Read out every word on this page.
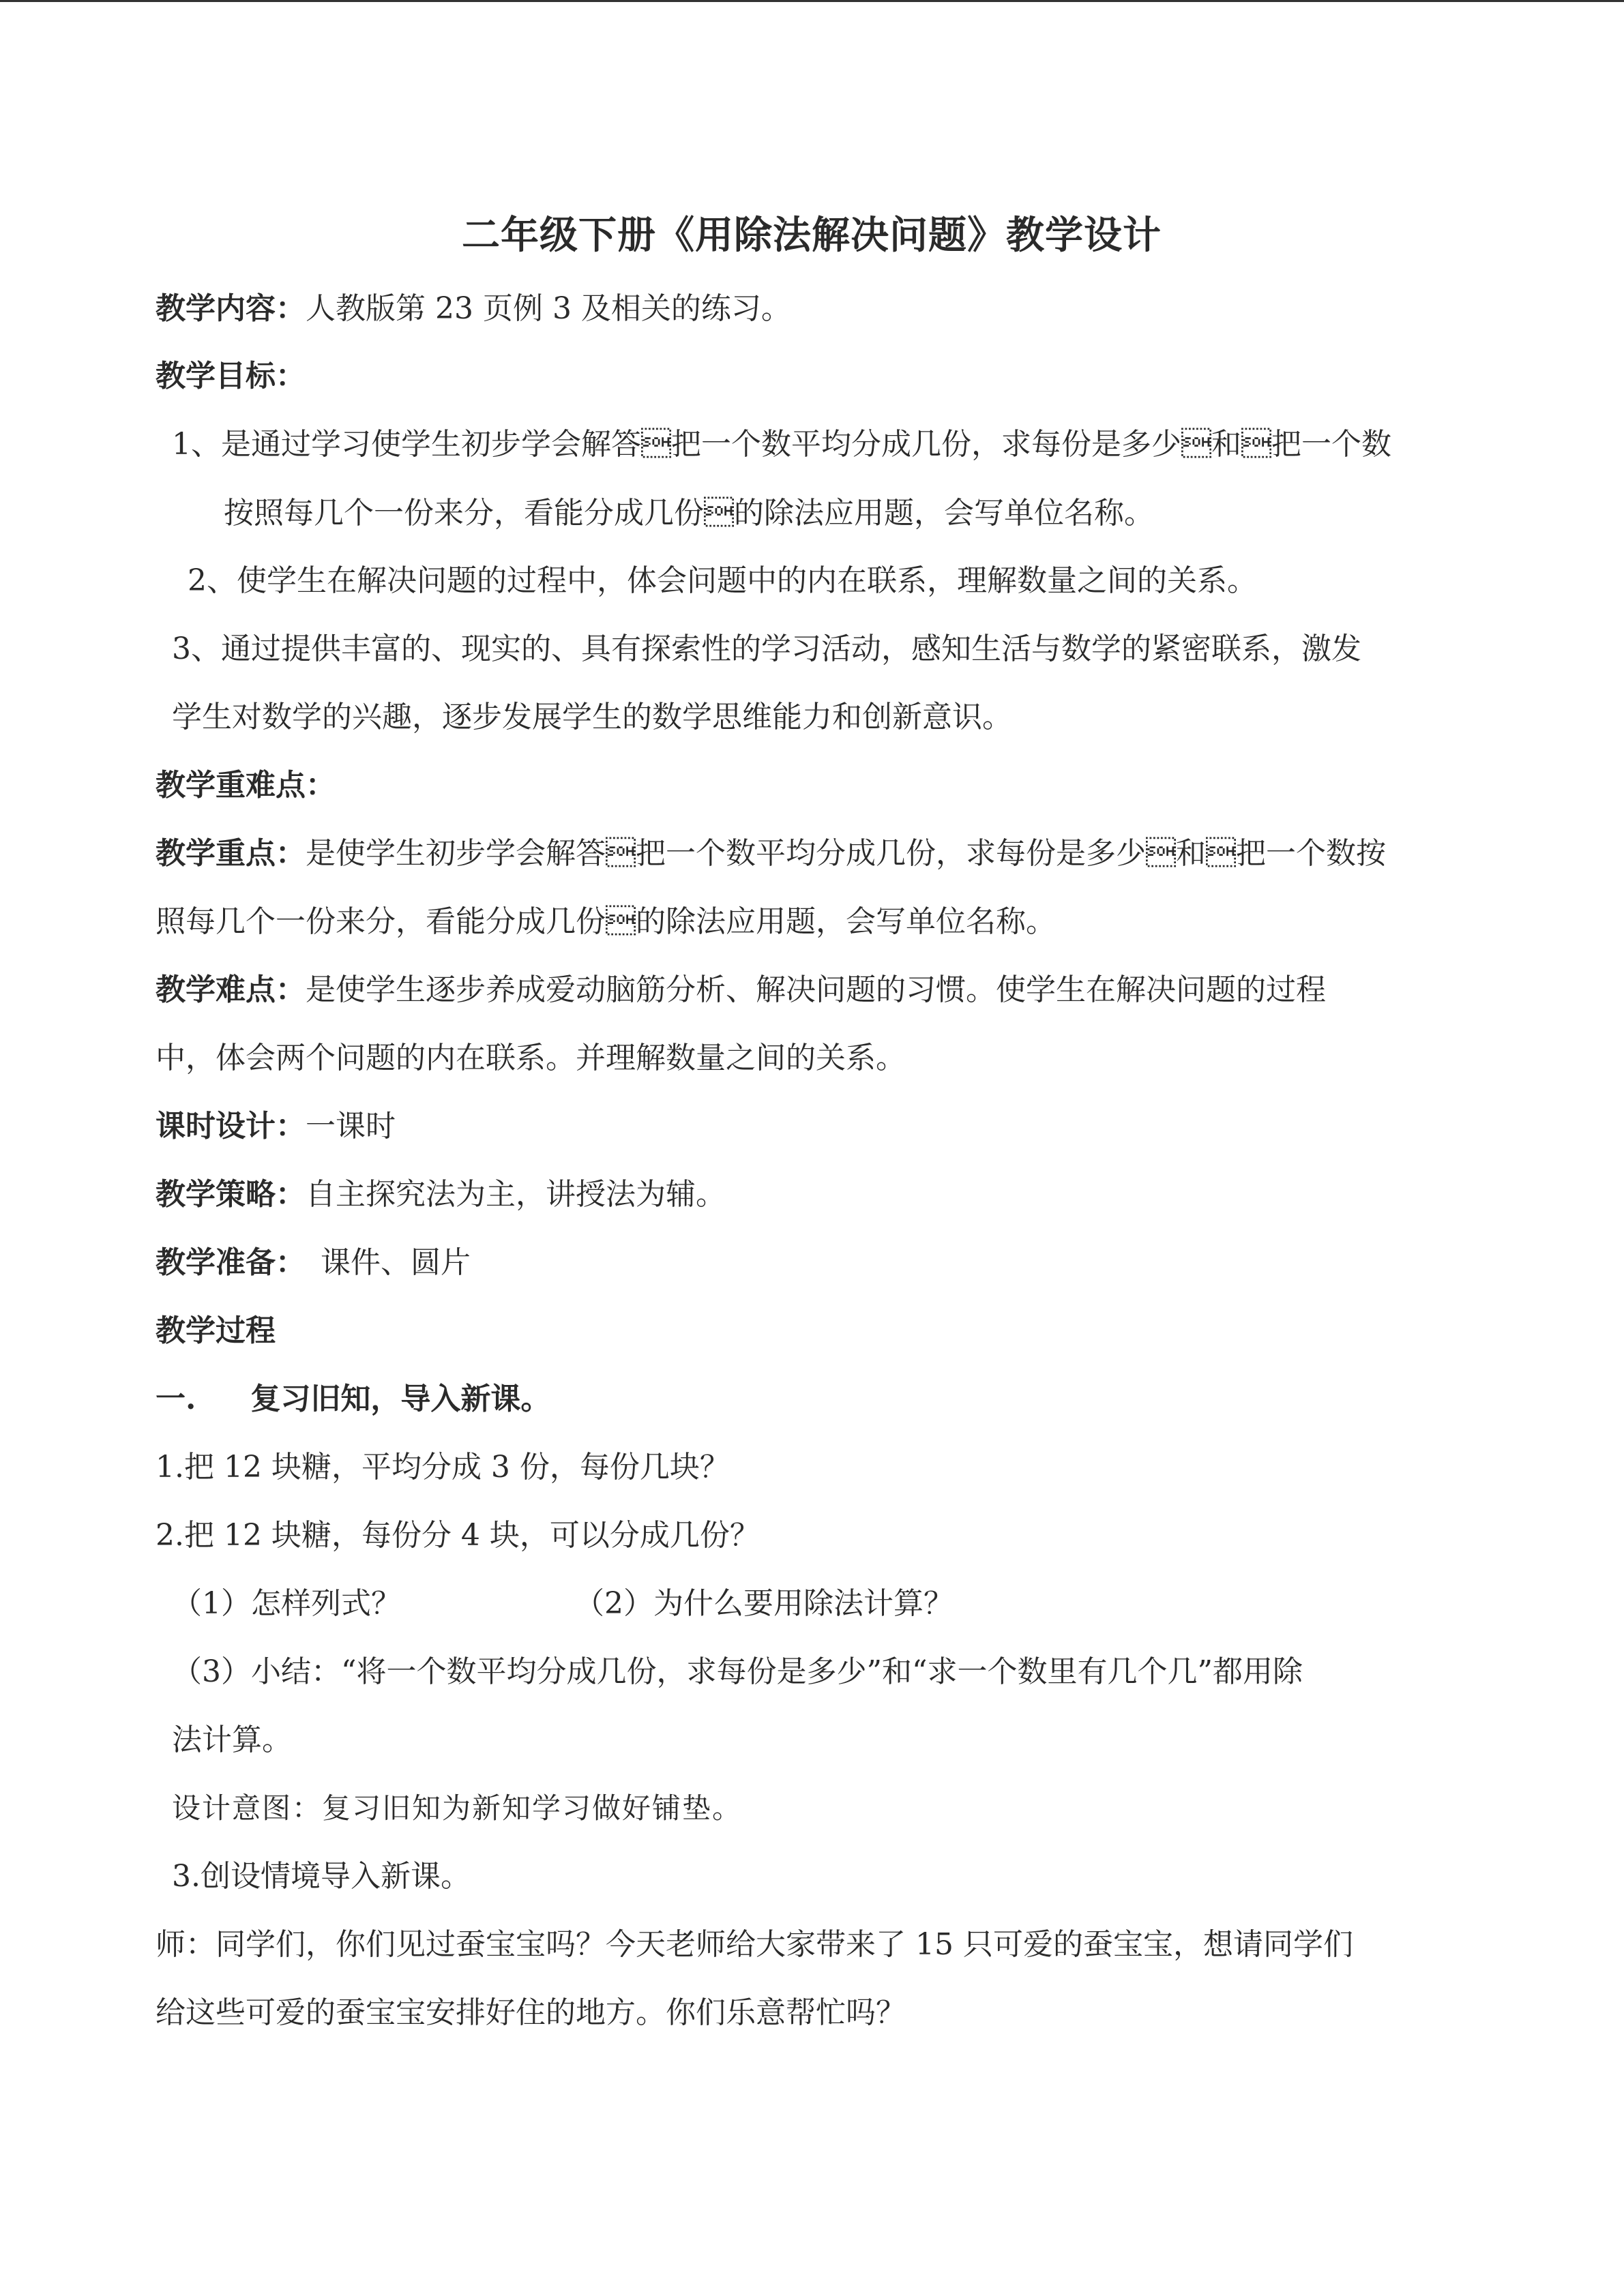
二年级下册《用除法解决问题》教学设计
教学内容：人教版第 23 页例 3 及相关的练习。
教学目标：
1、是通过学习使学生初步学会解答把一个数平均分成几份，求每份是多少和把一个数
按照每几个一份来分，看能分成几份的除法应用题，会写单位名称。
2、使学生在解决问题的过程中，体会问题中的内在联系，理解数量之间的关系。
3、通过提供丰富的、现实的、具有探索性的学习活动，感知生活与数学的紧密联系，激发
学生对数学的兴趣，逐步发展学生的数学思维能力和创新意识。
教学重难点：
教学重点：是使学生初步学会解答把一个数平均分成几份，求每份是多少和把一个数按
照每几个一份来分，看能分成几份的除法应用题，会写单位名称。
教学难点：是使学生逐步养成爱动脑筋分析、解决问题的习惯。使学生在解决问题的过程
中，体会两个问题的内在联系。并理解数量之间的关系。
课时设计：一课时
教学策略：自主探究法为主，讲授法为辅。
教学准备： 课件、圆片
教学过程
一. 复习旧知，导入新课。
1.把 12 块糖，平均分成 3 份，每份几块？
2.把 12 块糖，每份分 4 块，可以分成几份？
（1）怎样列式？	（2）为什么要用除法计算？
（3）小结：“将一个数平均分成几份，求每份是多少”和“求一个数里有几个几”都用除
法计算。
设计意图：复习旧知为新知学习做好铺垫。
3.创设情境导入新课。
师：同学们，你们见过蚕宝宝吗？今天老师给大家带来了 15 只可爱的蚕宝宝，想请同学们
给这些可爱的蚕宝宝安排好住的地方。你们乐意帮忙吗？
